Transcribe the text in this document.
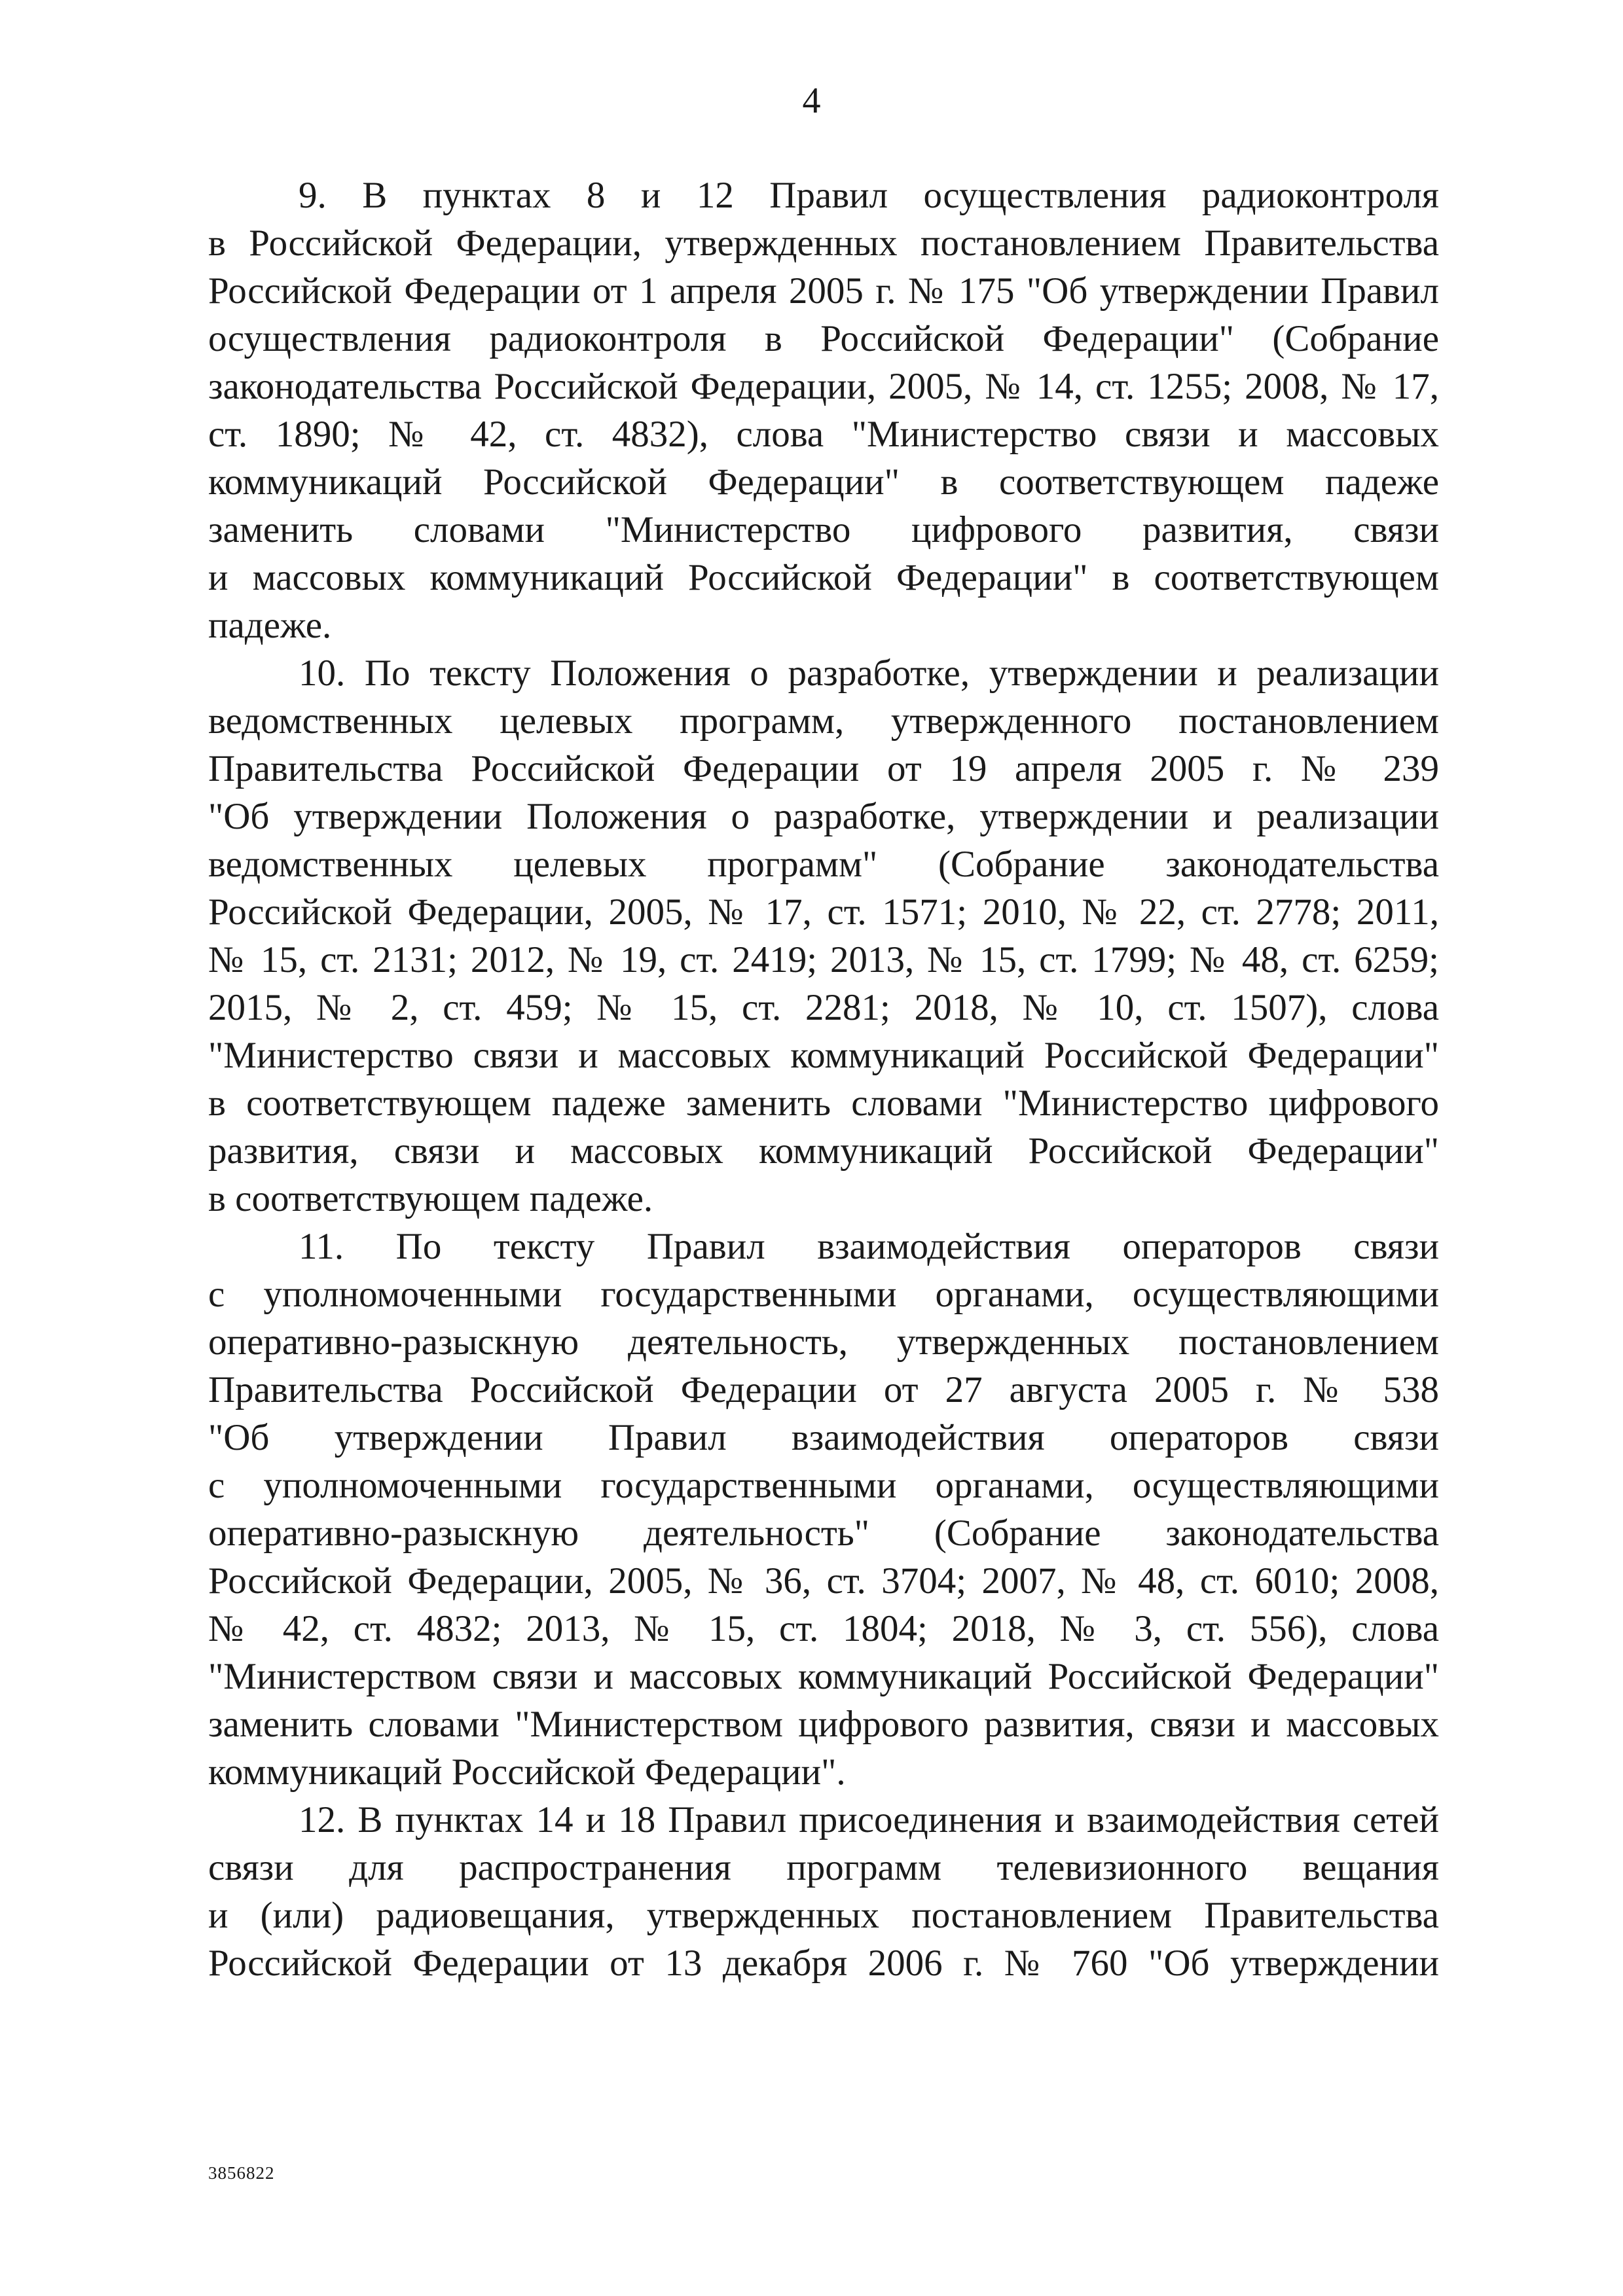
4
9. В пунктах 8 и 12 Правил осуществления радиоконтроля
в Российской Федерации, утвержденных постановлением Правительства
Российской Федерации от 1 апреля 2005 г. № 175 "Об утверждении Правил
осуществления радиоконтроля в Российской Федерации" (Собрание
законодательства Российской Федерации, 2005, № 14, ст. 1255; 2008, № 17,
ст. 1890; № 42, ст. 4832), слова "Министерство связи и массовых
коммуникаций Российской Федерации" в соответствующем падеже
заменить словами "Министерство цифрового развития, связи
и массовых коммуникаций Российской Федерации" в соответствующем
падеже.
10. По тексту Положения о разработке, утверждении и реализации
ведомственных целевых программ, утвержденного постановлением
Правительства Российской Федерации от 19 апреля 2005 г. № 239
"Об утверждении Положения о разработке, утверждении и реализации
ведомственных целевых программ" (Собрание законодательства
Российской Федерации, 2005, № 17, ст. 1571; 2010, № 22, ст. 2778; 2011,
№ 15, ст. 2131; 2012, № 19, ст. 2419; 2013, № 15, ст. 1799; № 48, ст. 6259;
2015, № 2, ст. 459; № 15, ст. 2281; 2018, № 10, ст. 1507), слова
"Министерство связи и массовых коммуникаций Российской Федерации"
в соответствующем падеже заменить словами "Министерство цифрового
развития, связи и массовых коммуникаций Российской Федерации"
в соответствующем падеже.
11. По тексту Правил взаимодействия операторов связи
с уполномоченными государственными органами, осуществляющими
оперативно-разыскную деятельность, утвержденных постановлением
Правительства Российской Федерации от 27 августа 2005 г. № 538
"Об утверждении Правил взаимодействия операторов связи
с уполномоченными государственными органами, осуществляющими
оперативно-разыскную деятельность" (Собрание законодательства
Российской Федерации, 2005, № 36, ст. 3704; 2007, № 48, ст. 6010; 2008,
№ 42, ст. 4832; 2013, № 15, ст. 1804; 2018, № 3, ст. 556), слова
"Министерством связи и массовых коммуникаций Российской Федерации"
заменить словами "Министерством цифрового развития, связи и массовых
коммуникаций Российской Федерации".
12. В пунктах 14 и 18 Правил присоединения и взаимодействия сетей
связи для распространения программ телевизионного вещания
и (или) радиовещания, утвержденных постановлением Правительства
Российской Федерации от 13 декабря 2006 г. № 760 "Об утверждении
3856822
